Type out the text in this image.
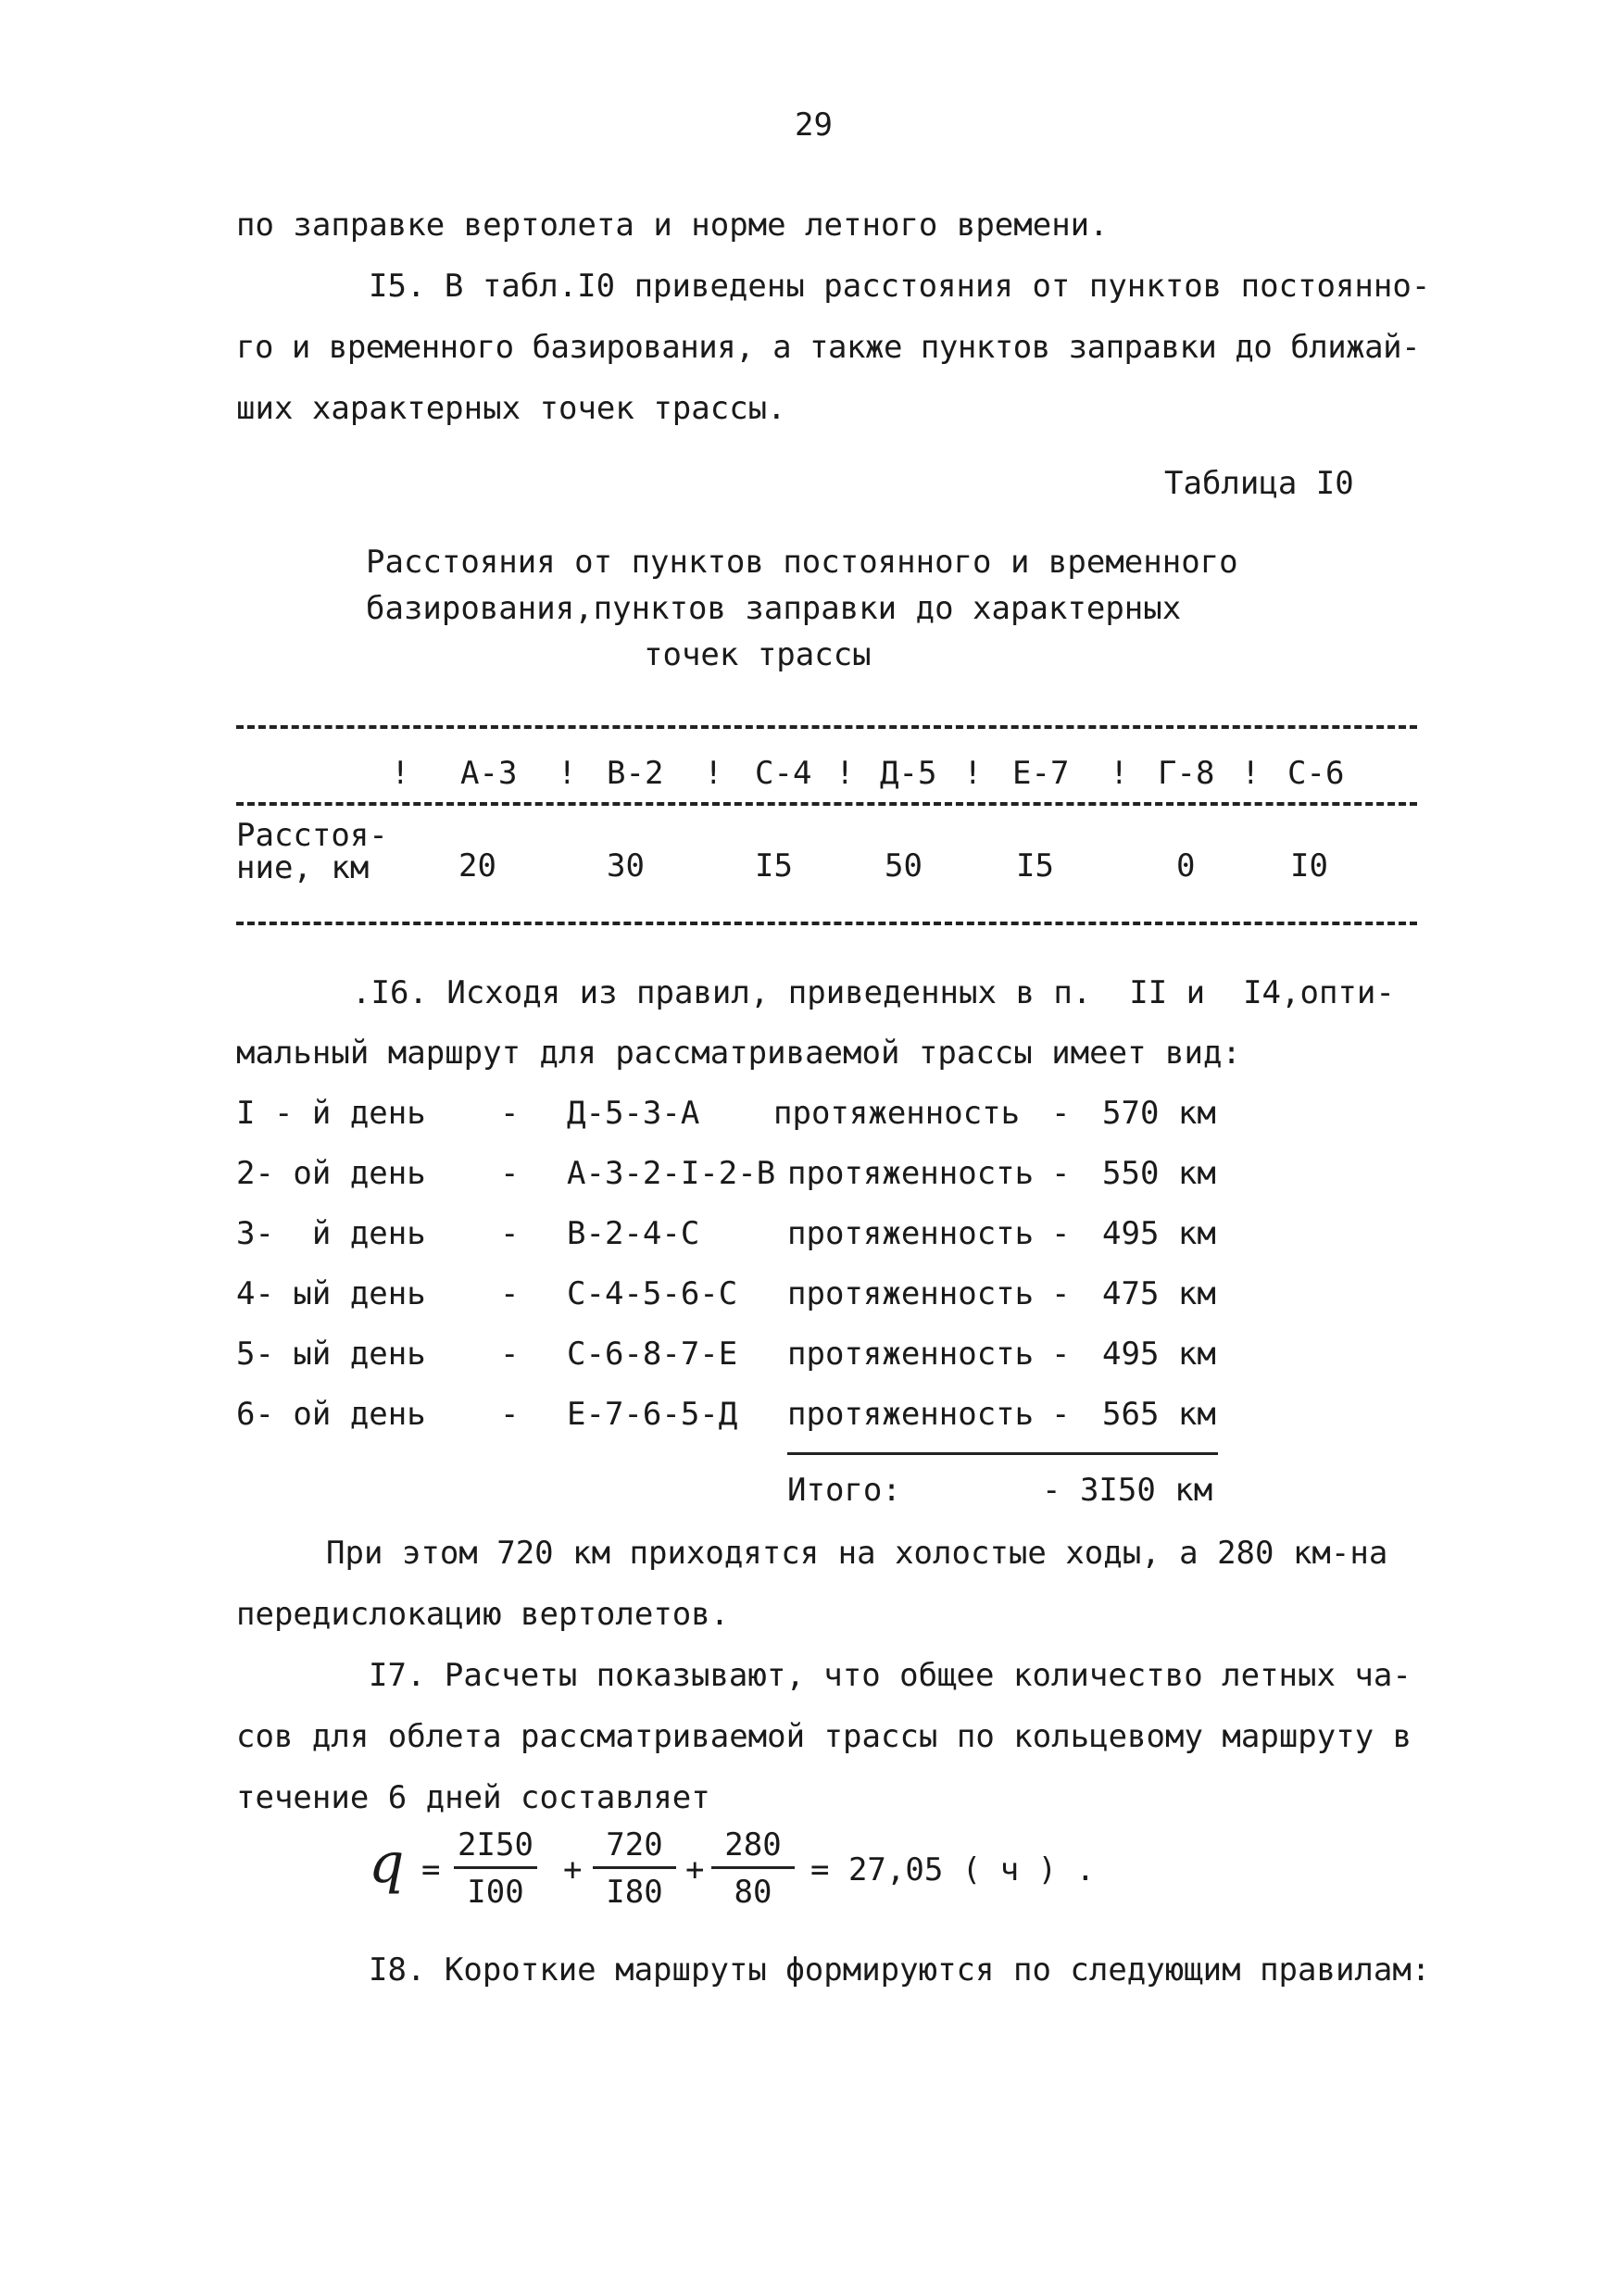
29
по заправке вертолета и норме летного времени.
I5. В табл.I0 приведены расстояния от пунктов постоянно-
го и временного базирования, а также пунктов заправки до ближай-
ших характерных точек трассы.
Таблица I0
Расстояния от пунктов постоянного и временного
базирования,пунктов заправки до характерных
точек трассы
! А-3 ! В-2 ! С-4 ! Д-5 ! Е-7 ! Г-8 ! С-6
Расстоя-
ние, км	20	30	I5	50	I5	0	I0
.I6. Исходя из правил, приведенных в п.  II и  I4,опти-
мальный маршрут для рассматриваемой трассы имеет вид:
I - й день - Д-5-3-А протяженность - 570 км
2- ой день - А-3-2-I-2-В протяженность - 550 км
3-  й день - В-2-4-С	протяженность - 495 км
4- ый день - С-4-5-6-С протяженность - 475 км
5- ый день - С-6-8-7-Е протяженность - 495 км
6- ой день - Е-7-6-5-Д протяженность - 565 км
Итого:	- 3I50 км
При этом 720 км приходятся на холостые ходы, а 280 км-на
передислокацию вертолетов.
I7. Расчеты показывают, что общее количество летных ча-
сов для облета рассматриваемой трассы по кольцевому маршруту в
течение 6 дней составляет
$q = \frac{2I50}{I00} + \frac{720}{I80} + \frac{280}{80} = 27,05$ ( ч ) .
I8. Короткие маршруты формируются по следующим правилам:
